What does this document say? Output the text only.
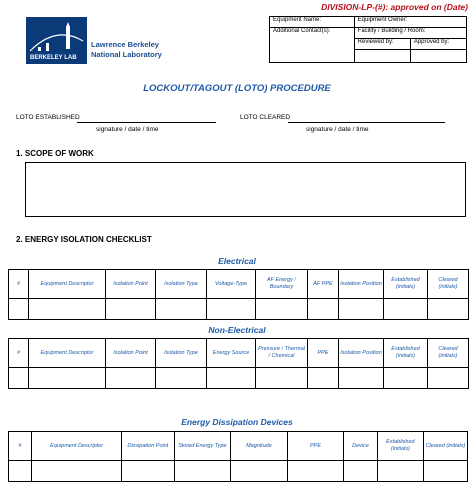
DIVISION-LP-(#): approved on (Date)
BERKELEY LAB
Lawrence Berkeley
National Laboratory
Equipment Name:	Equipment Owner:
Additional Contact(s):	Facility / Building / Room:

Reviewed by:	Approved by:

LOCKOUT/TAGOUT (LOTO) PROCEDURE
LOTO ESTABLISHED
signature / date / time
LOTO CLEARED
signature / date / time
1. SCOPE OF WORK
2. ENERGY ISOLATION CHECKLIST
Electrical
#	Equipment Descriptor	Isolation Point	Isolation Type	Voltage-Type	AF Energy / Boundary	AF PPE	Isolation Position	Established (initials)	Cleared (initials)

Non-Electrical
#	Equipment Descriptor	Isolation Point	Isolation Type	Energy Source	Pressure / Thermal / Chemical	PPE	Isolation Position	Established (initials)	Cleared (initials)

Energy Dissipation Devices
#	Equipment Descriptor	Dissipation Point	Stored Energy Type	Magnitude	PPE	Device	Established (initials)	Cleared (initials)
